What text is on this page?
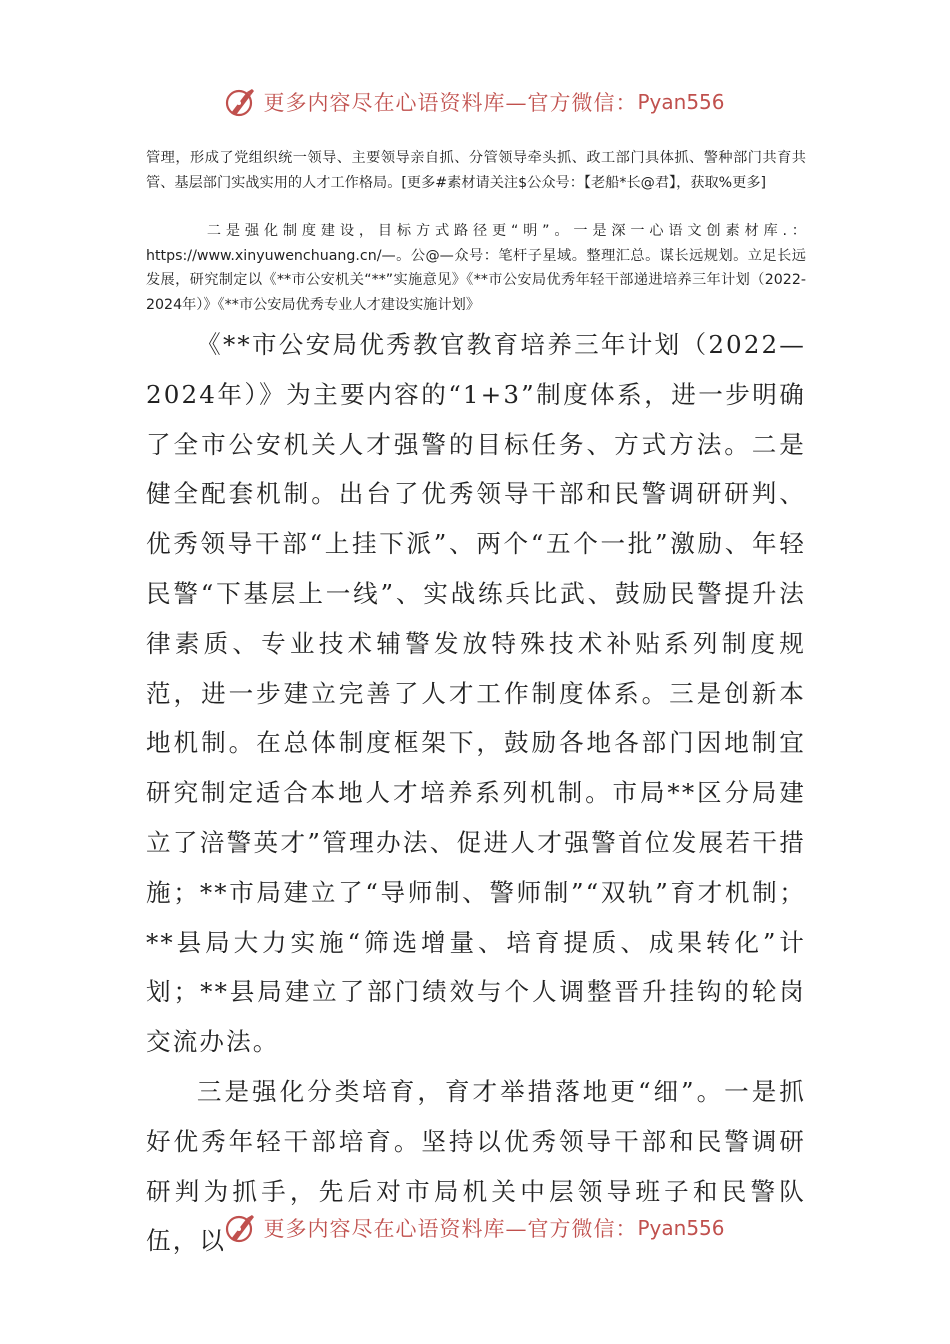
更多内容尽在心语资料库—官方微信： Pyan556
管理，形成了党组织统一领导、主要领导亲自抓、分管领导牵头抓、政工部门具体抓、警种部门共育共管、基层部门实战实用的人才工作格局。[更多#素材请关注$公众号：【老船*长@君】，获取%更多]
二是强化制度建设，目标方式路径更“明”。一是深一心语文创素材库.：https://www.xinyuwenchuang.cn/—。公@—众号：笔杆子星域。整理汇总。谋长远规划。立足长远发展，研究制定以《**市公安机关“**”实施意见》《**市公安局优秀年轻干部递进培养三年计划（2022-2024年）》《**市公安局优秀专业人才建设实施计划》

《**市公安局优秀教官教育培养三年计划（2022—2024年）》为主要内容的“1+3”制度体系，进一步明确了全市公安机关人才强警的目标任务、方式方法。二是健全配套机制。出台了优秀领导干部和民警调研研判、优秀领导干部“上挂下派”、两个“五个一批”激励、年轻民警“下基层上一线”、实战练兵比武、鼓励民警提升法律素质、专业技术辅警发放特殊技术补贴系列制度规范，进一步建立完善了人才工作制度体系。三是创新本地机制。在总体制度框架下，鼓励各地各部门因地制宜研究制定适合本地人才培养系列机制。市局**区分局建立了涪警英才”管理办法、促进人才强警首位发展若干措施；**市局建立了“导师制、警师制”“双轨”育才机制；**县局大力实施“筛选增量、培育提质、成果转化”计划；**县局建立了部门绩效与个人调整晋升挂钩的轮岗交流办法。

三是强化分类培育，育才举措落地更“细”。一是抓好优秀年轻干部培育。坚持以优秀领导干部和民警调研研判为抓手，先后对市局机关中层领导班子和民警队伍，以	更多内容尽在心语资料库—官方微信： Pyan556
